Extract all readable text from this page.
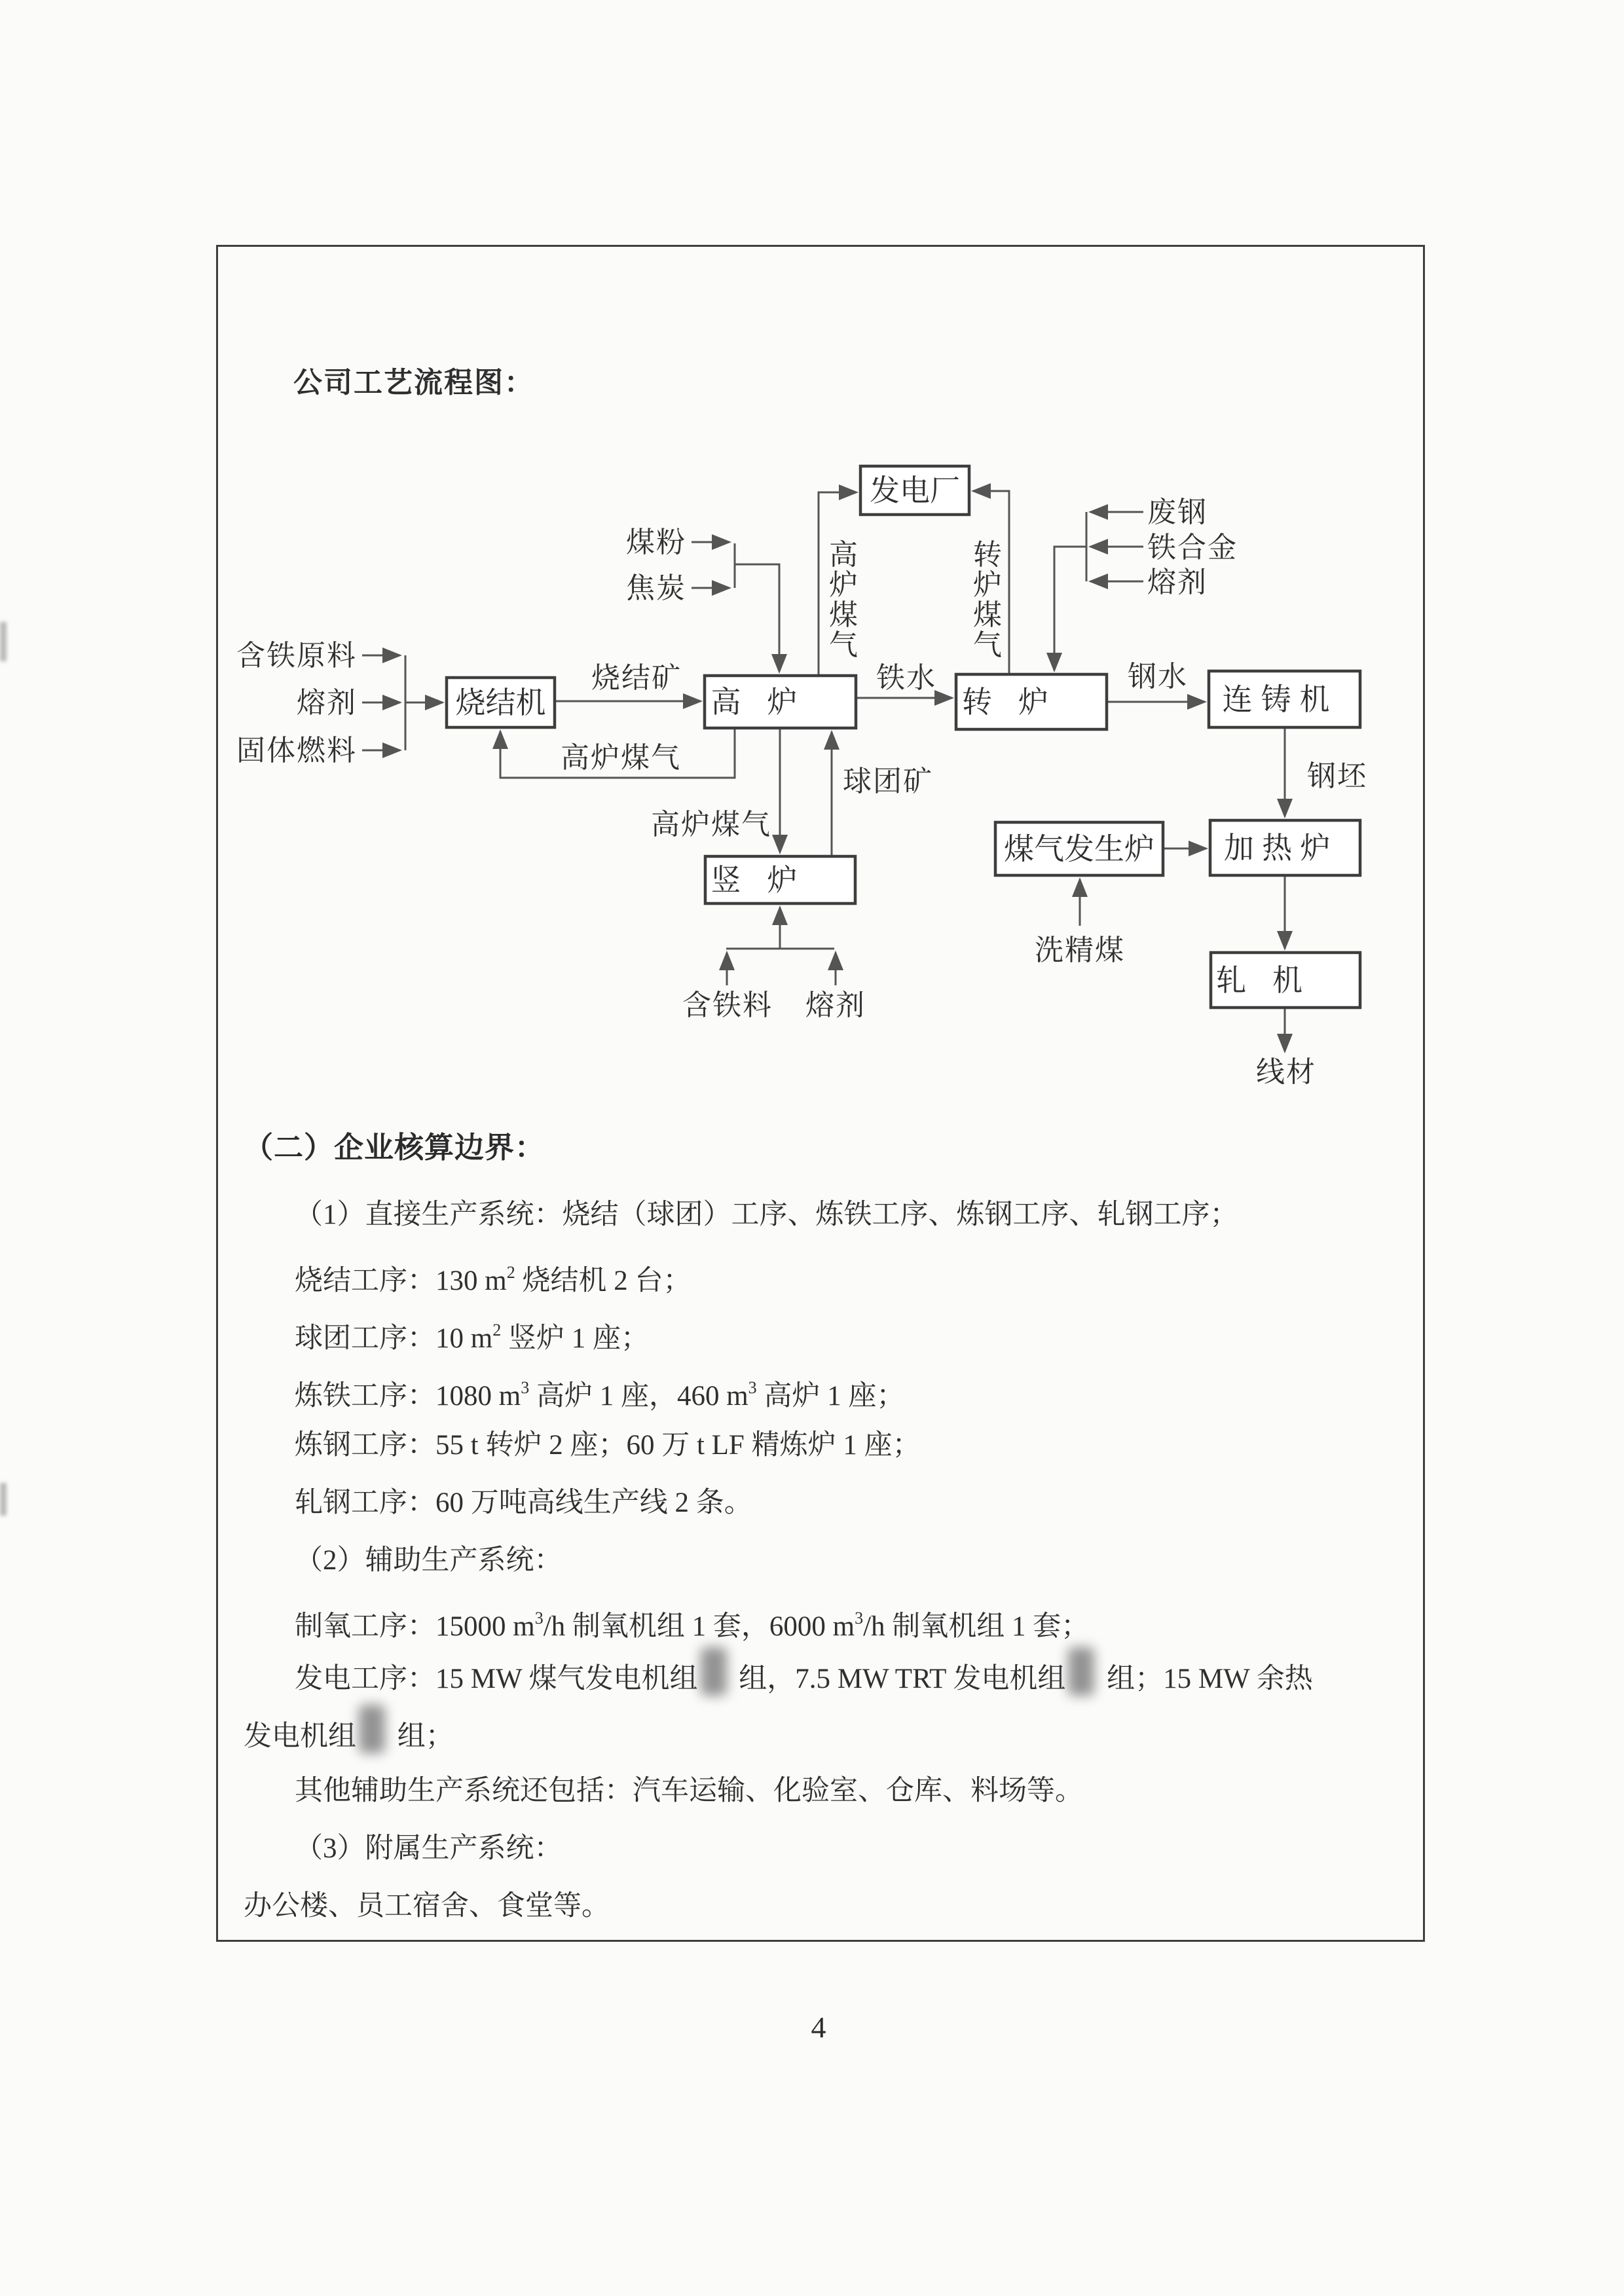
公司工艺流程图：
发电厂
烧结机	高炉	转炉	连铸机
煤气发生炉 加热炉
竖炉
轧机
含铁原料
熔剂
固体燃料
煤粉
焦炭
废钢
铁合金
熔剂
烧结矿
高炉煤气
铁水	钢水
钢坯
球团矿
高炉煤气
洗精煤
含铁料 熔剂
线材
高炉煤气
转炉煤气
（二）企业核算边界：
（1）直接生产系统：烧结（球团）工序、炼铁工序、炼钢工序、轧钢工序；
烧结工序：130 $m^2$ 烧结机 2 台；
球团工序：10 $m^2$ 竖炉 1 座；
炼铁工序：1080 $m^3$ 高炉 1 座，460 $m^3$ 高炉 1 座；
炼钢工序：55 t 转炉 2 座；60 万 t LF 精炼炉 1 座；
轧钢工序：60 万吨高线生产线 2 条。
（2）辅助生产系统：
制氧工序：15000 $m^3/h$ 制氧机组 1 套，6000 $m^3/h$ 制氧机组 1 套；
发电工序：15 MW 煤气发电机组 组，7.5 MW TRT 发电机组 组；15 MW 余热
发电机组 组；
其他辅助生产系统还包括：汽车运输、化验室、仓库、料场等。
（3）附属生产系统：
办公楼、员工宿舍、食堂等。
4
